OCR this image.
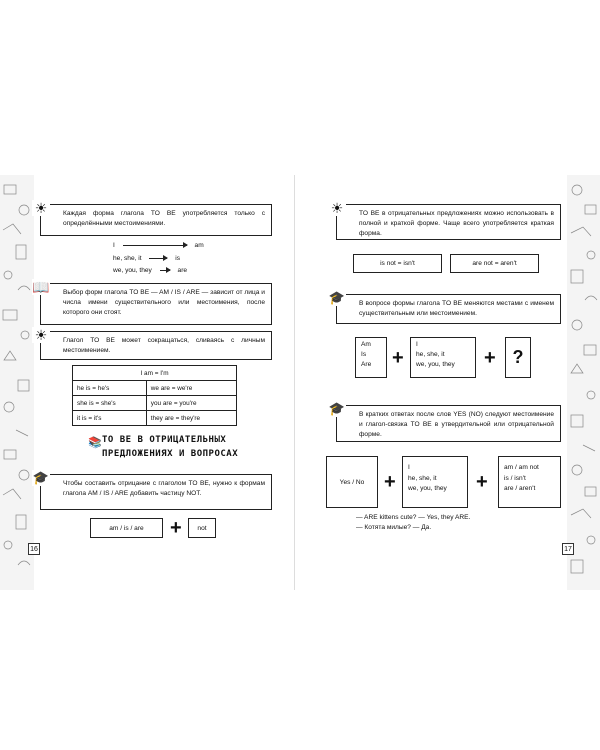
16
☀	Каждая форма глагола TO BE употребляется только с определёнными местоимениями.
I	am
he, she, it	is
we, you, they	are
📖 Выбор форм глагола TO BE — AM / IS / ARE — зависит от лица и числа имени существительного или местоимения, после которого они стоят.
☀	Глагол TO BE может сокращаться, сливаясь с личным местоимением.
I am = I'm	
he is = he's	we are = we're
she is = she's	you are = you're
it is = it's	they are = they're
📚 TO BE В ОТРИЦАТЕЛЬНЫХ ПРЕДЛОЖЕНИЯХ И ВОПРОСАХ
🎓 Чтобы составить отрицание с глаголом TO BE, нужно к формам глагола AM / IS / ARE добавить частицу NOT.
am / is / are	+	not
17
☀	TO BE в отрицательных предложениях можно использовать в полной и краткой форме. Чаще всего употребляется краткая форма.
is not = isn't	are not = aren't
🎓 В вопросе формы глагола TO BE меняются местами с именем существительным или местоимением.
Am
Is
Are	+
I
he, she, it
we, you, they	+ ?
🎓 В кратких ответах после слов YES (NO) следуют местоимение и глагол-связка TO BE в утвердительной или отрицательной форме.
Yes / No +
I
he, she, it
we, you, they	+
am / am not
is / isn't
are / aren't
— ARE kittens cute? — Yes, they ARE.
— Котята милые? — Да.
